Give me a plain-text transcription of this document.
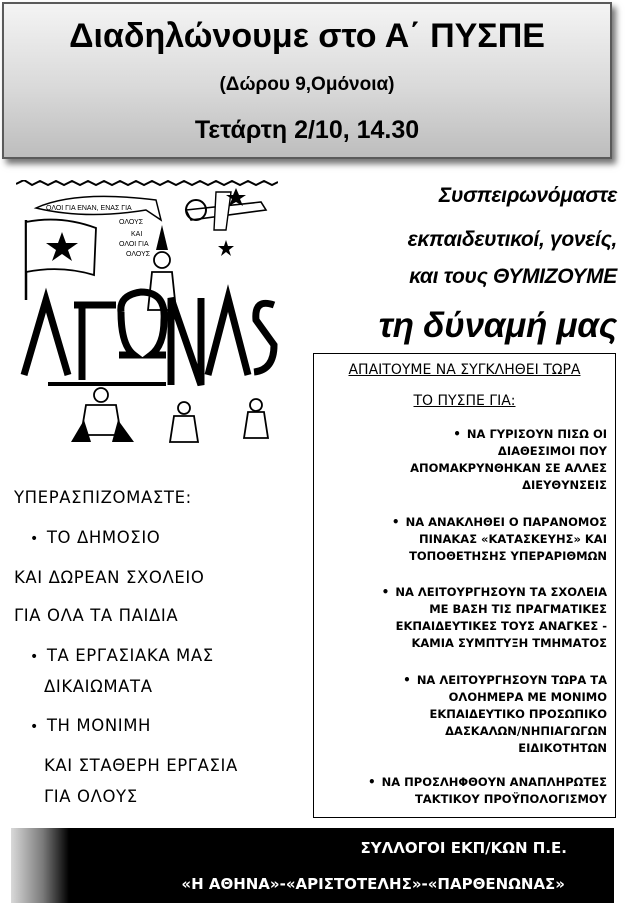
Διαδηλώνουμε στο Α΄ ΠΥΣΠΕ
(Δώρου 9,Ομόνοια)
Τετάρτη 2/10, 14.30
ΟΛΟΙ ΓΙΑ ΕΝΑΝ, ΕΝΑΣ ΓΙΑ
ΟΛΟΥΣ
ΚΑΙ
ΟΛΟΙ ΓΙΑ
ΟΛΟΥΣ
Συσπειρωνόμαστε
εκπαιδευτικοί, γονείς,
και τους ΘΥΜΙΖΟΥΜΕ
τη δύναμή μας
ΑΠΑΙΤΟΥΜΕ ΝΑ ΣΥΓΚΛΗΘΕΙ ΤΩΡΑ
ΤΟ ΠΥΣΠΕ ΓΙΑ:
• ΝΑ ΓΥΡΙΣΟΥΝ ΠΙΣΩ ΟΙ
ΔΙΑΘΕΣΙΜΟΙ ΠΟΥ
ΑΠΟΜΑΚΡΥΝΘΗΚΑΝ ΣΕ ΑΛΛΕΣ
ΔΙΕΥΘΥΝΣΕΙΣ
• ΝΑ ΑΝΑΚΛΗΘΕΙ Ο ΠΑΡΑΝΟΜΟΣ
ΠΙΝΑΚΑΣ «ΚΑΤΑΣΚΕΥΗΣ» ΚΑΙ
ΤΟΠΟΘΕΤΗΣΗΣ ΥΠΕΡΑΡΙΘΜΩΝ
• ΝΑ ΛΕΙΤΟΥΡΓΗΣΟΥΝ ΤΑ ΣΧΟΛΕΙΑ
ΜΕ ΒΑΣΗ ΤΙΣ ΠΡΑΓΜΑΤΙΚΕΣ
ΕΚΠΑΙΔΕΥΤΙΚΕΣ ΤΟΥΣ ΑΝΑΓΚΕΣ -
ΚΑΜΙΑ ΣΥΜΠΤΥΞΗ ΤΜΗΜΑΤΟΣ
• ΝΑ ΛΕΙΤΟΥΡΓΗΣΟΥΝ ΤΩΡΑ ΤΑ
ΟΛΟΗΜΕΡΑ ΜΕ ΜΟΝΙΜΟ
ΕΚΠΑΙΔΕΥΤΙΚΟ ΠΡΟΣΩΠΙΚΟ
ΔΑΣΚΑΛΩΝ/ΝΗΠΙΑΓΩΓΩΝ
ΕΙΔΙΚΟΤΗΤΩΝ
• ΝΑ ΠΡΟΣΛΗΦΘΟΥΝ ΑΝΑΠΛΗΡΩΤΕΣ
ΤΑΚΤΙΚΟΥ ΠΡΟΫΠΟΛΟΓΙΣΜΟΥ
ΥΠΕΡΑΣΠΙΖΟΜΑΣΤΕ:
• ΤΟ ΔΗΜΟΣΙΟ
ΚΑΙ ΔΩΡΕΑΝ ΣΧΟΛΕΙΟ
ΓΙΑ ΟΛΑ ΤΑ ΠΑΙΔΙΑ
• ΤΑ ΕΡΓΑΣΙΑΚΑ ΜΑΣ
ΔΙΚΑΙΩΜΑΤΑ
• ΤΗ ΜΟΝΙΜΗ
ΚΑΙ ΣΤΑΘΕΡΗ ΕΡΓΑΣΙΑ
ΓΙΑ ΟΛΟΥΣ
ΣΥΛΛΟΓΟΙ ΕΚΠ/ΚΩΝ Π.Ε.
«Η ΑΘΗΝΑ»-«ΑΡΙΣΤΟΤΕΛΗΣ»-«ΠΑΡΘΕΝΩΝΑΣ»
